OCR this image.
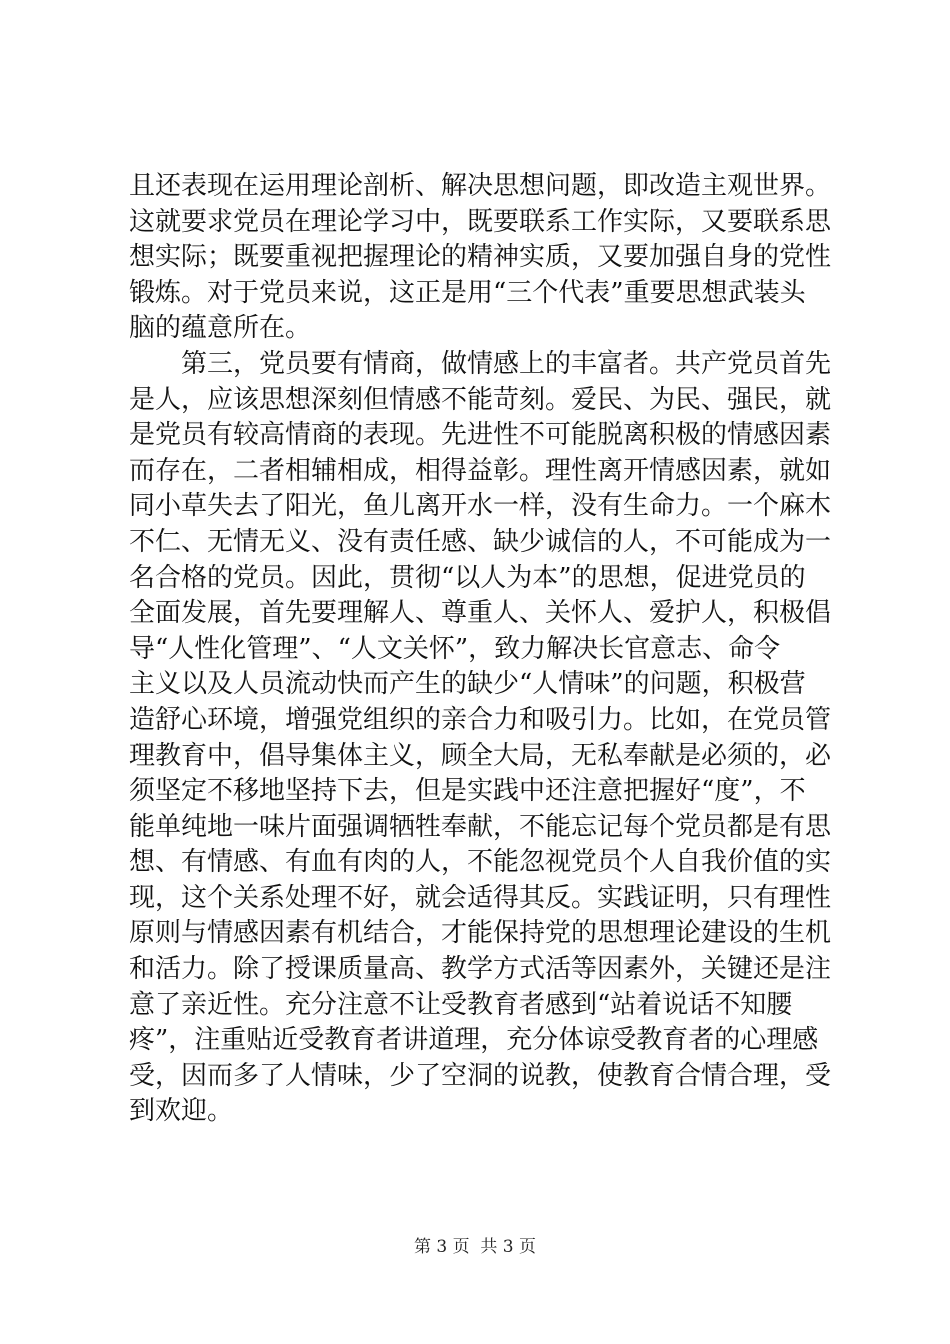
且还表现在运用理论剖析、解决思想问题，即改造主观世界。
这就要求党员在理论学习中，既要联系工作实际，又要联系思
想实际；既要重视把握理论的精神实质，又要加强自身的党性
锻炼。对于党员来说，这正是用“三个代表”重要思想武装头
脑的蕴意所在。
　　第三，党员要有情商，做情感上的丰富者。共产党员首先
是人，应该思想深刻但情感不能苛刻。爱民、为民、强民，就
是党员有较高情商的表现。先进性不可能脱离积极的情感因素
而存在，二者相辅相成，相得益彰。理性离开情感因素，就如
同小草失去了阳光，鱼儿离开水一样，没有生命力。一个麻木
不仁、无情无义、没有责任感、缺少诚信的人，不可能成为一
名合格的党员。因此，贯彻“以人为本”的思想，促进党员的
全面发展，首先要理解人、尊重人、关怀人、爱护人，积极倡
导“人性化管理”、“人文关怀”，致力解决长官意志、命令
主义以及人员流动快而产生的缺少“人情味”的问题，积极营
造舒心环境，增强党组织的亲合力和吸引力。比如，在党员管
理教育中，倡导集体主义，顾全大局，无私奉献是必须的，必
须坚定不移地坚持下去，但是实践中还注意把握好“度”，不
能单纯地一味片面强调牺牲奉献，不能忘记每个党员都是有思
想、有情感、有血有肉的人，不能忽视党员个人自我价值的实
现，这个关系处理不好，就会适得其反。实践证明，只有理性
原则与情感因素有机结合，才能保持党的思想理论建设的生机
和活力。除了授课质量高、教学方式活等因素外，关键还是注
意了亲近性。充分注意不让受教育者感到“站着说话不知腰
疼”，注重贴近受教育者讲道理，充分体谅受教育者的心理感
受，因而多了人情味，少了空洞的说教，使教育合情合理，受
到欢迎。
第 3 页  共 3 页
